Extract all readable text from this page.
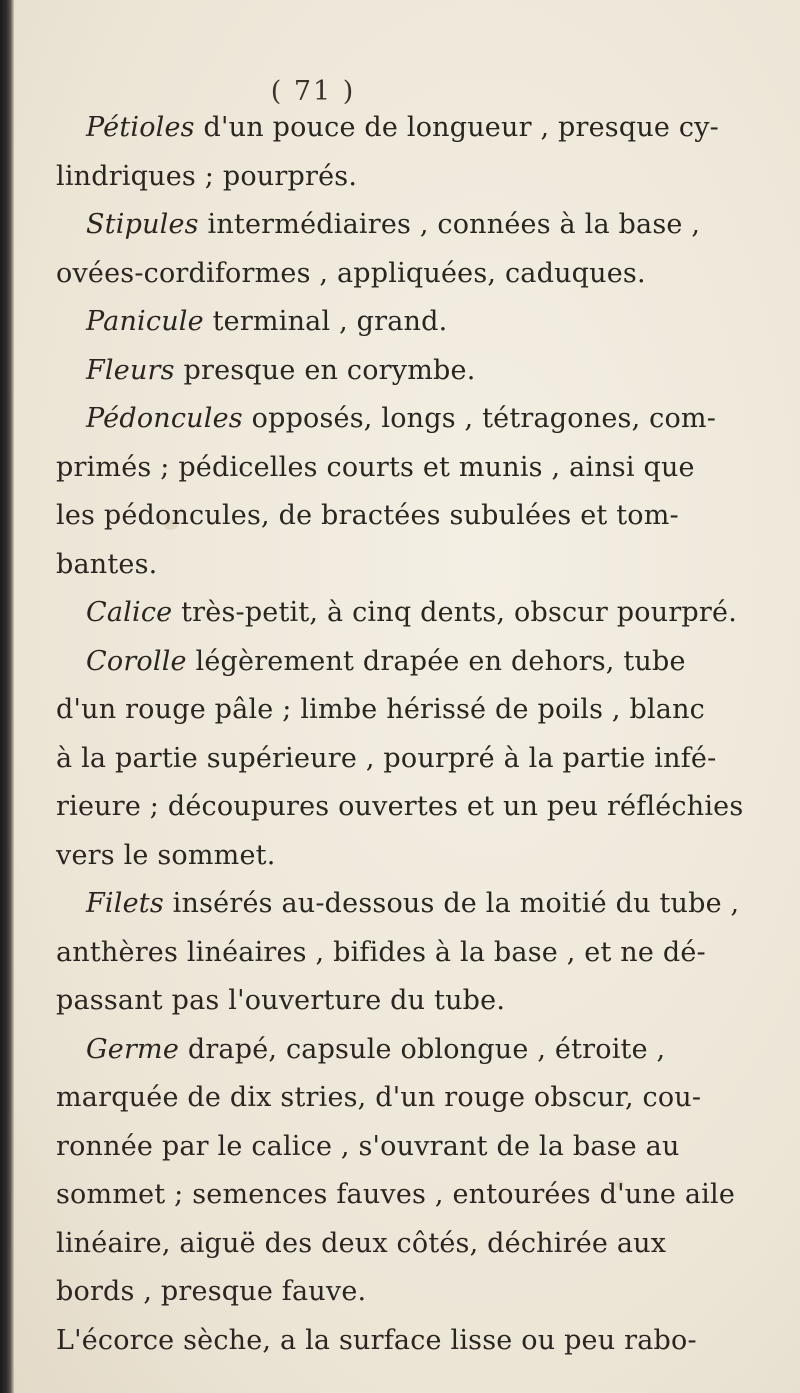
( 71 )
Pétioles d'un pouce de longueur , presque cy-
lindriques ; pourprés.
Stipules intermédiaires , connées à la base ,
ovées-cordiformes , appliquées, caduques.
Panicule terminal , grand.
Fleurs presque en corymbe.
Pédoncules opposés, longs , tétragones, com-
primés ; pédicelles courts et munis , ainsi que
les pédoncules, de bractées subulées et tom-
bantes.
Calice très-petit, à cinq dents, obscur pourpré.
Corolle légèrement drapée en dehors, tube
d'un rouge pâle ; limbe hérissé de poils , blanc
à la partie supérieure , pourpré à la partie infé-
rieure ; découpures ouvertes et un peu réfléchies
vers le sommet.
Filets insérés au-dessous de la moitié du tube ,
anthères linéaires , bifides à la base , et ne dé-
passant pas l'ouverture du tube.
Germe drapé, capsule oblongue , étroite ,
marquée de dix stries, d'un rouge obscur, cou-
ronnée par le calice , s'ouvrant de la base au
sommet ; semences fauves , entourées d'une aile
linéaire, aiguë des deux côtés, déchirée aux
bords , presque fauve.
L'écorce sèche, a la surface lisse ou peu rabo-
